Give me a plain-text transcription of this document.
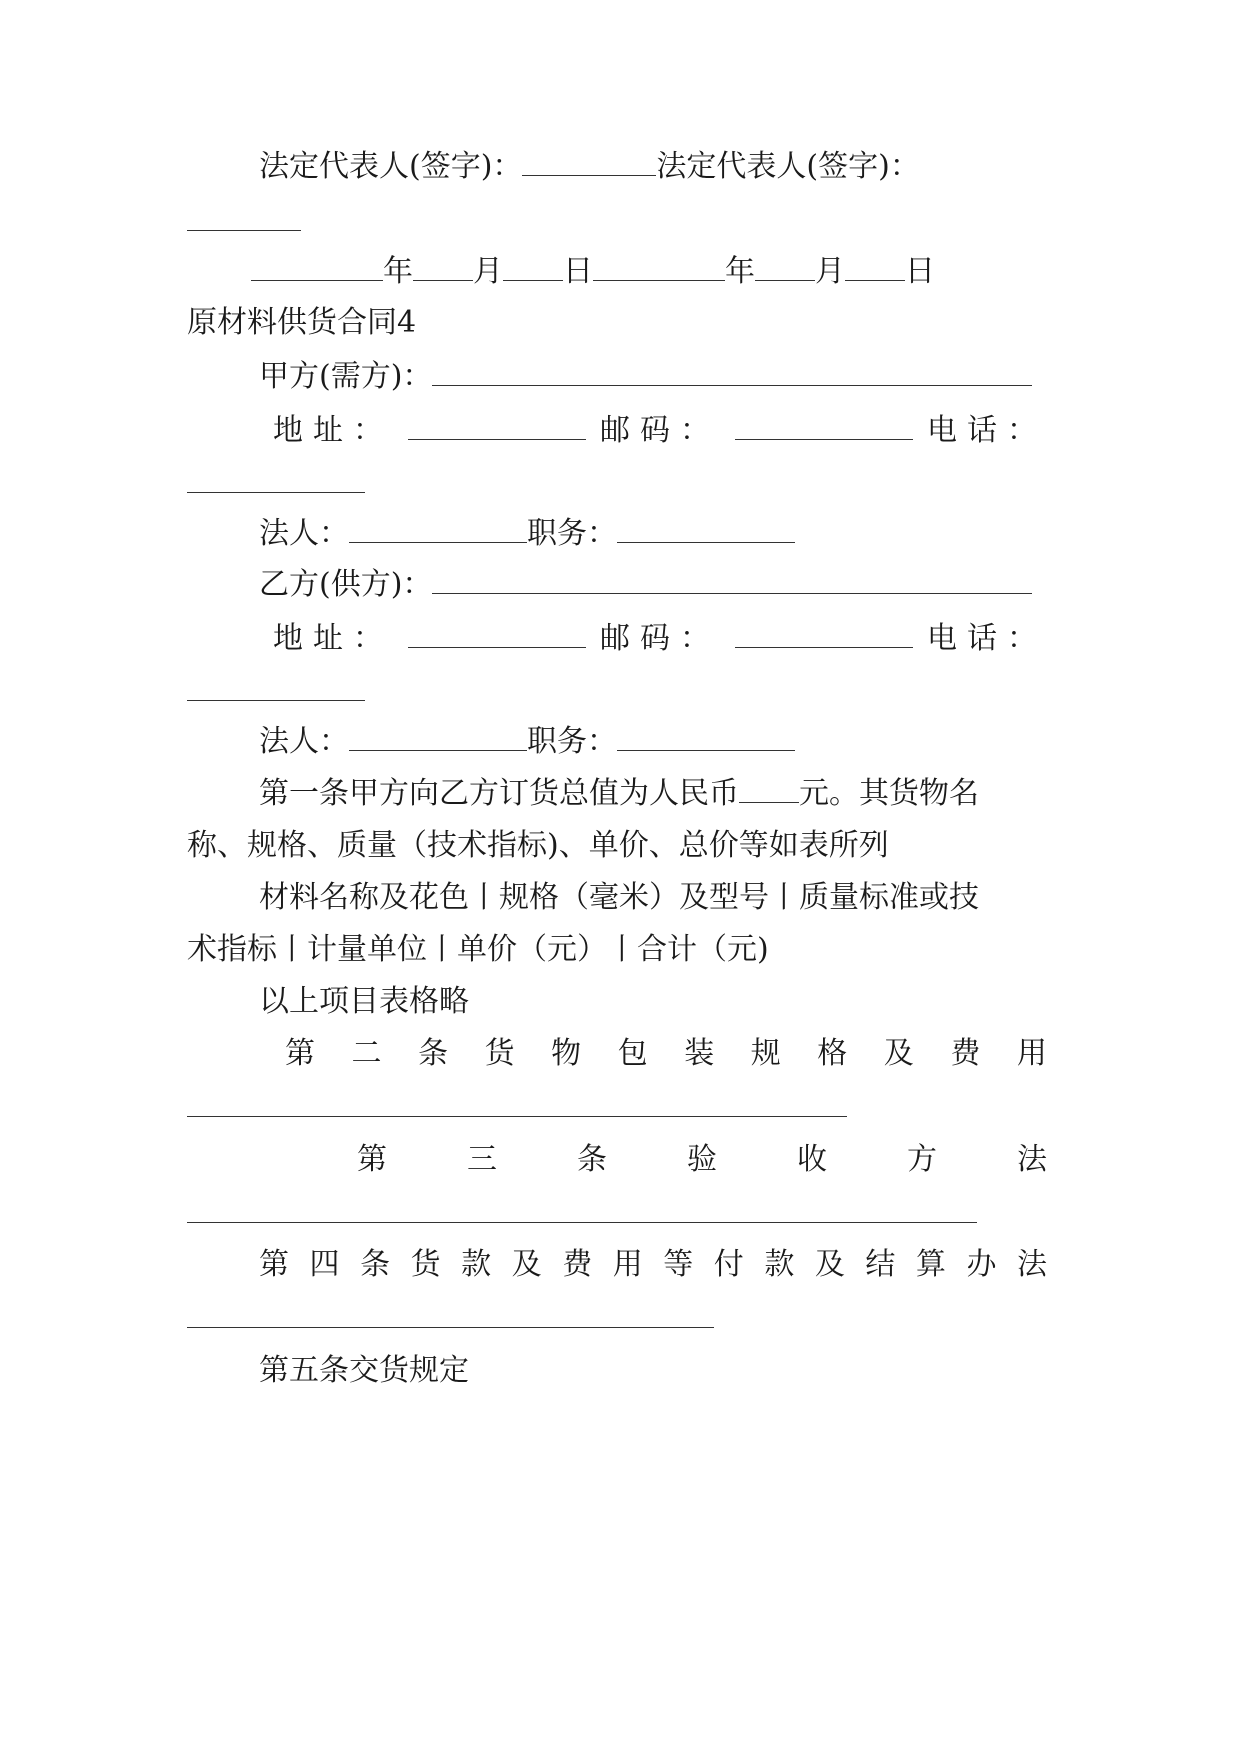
法定代表人(签字)：	法定代表人(签字)：
年 月 日	年 月 日
原材料供货合同4
甲方(需方)：
地址：	邮码：	电话：
法人：	职务：
乙方(供方)：
地址：	邮码：	电话：
法人：	职务：
第一条甲方向乙方订货总值为人民币 元。其货物名
称、规格、质量（技术指标)、单价、总价等如表所列
材料名称及花色丨规格（毫米）及型号丨质量标准或技
术指标丨计量单位丨单价（元）丨合计（元)
以上项目表格略
第 二 条 货 物 包 装 规 格 及 费 用
第	三	条	验	收	方	法
第 四 条 货 款 及 费 用 等 付 款 及 结 算 办 法
第五条交货规定
